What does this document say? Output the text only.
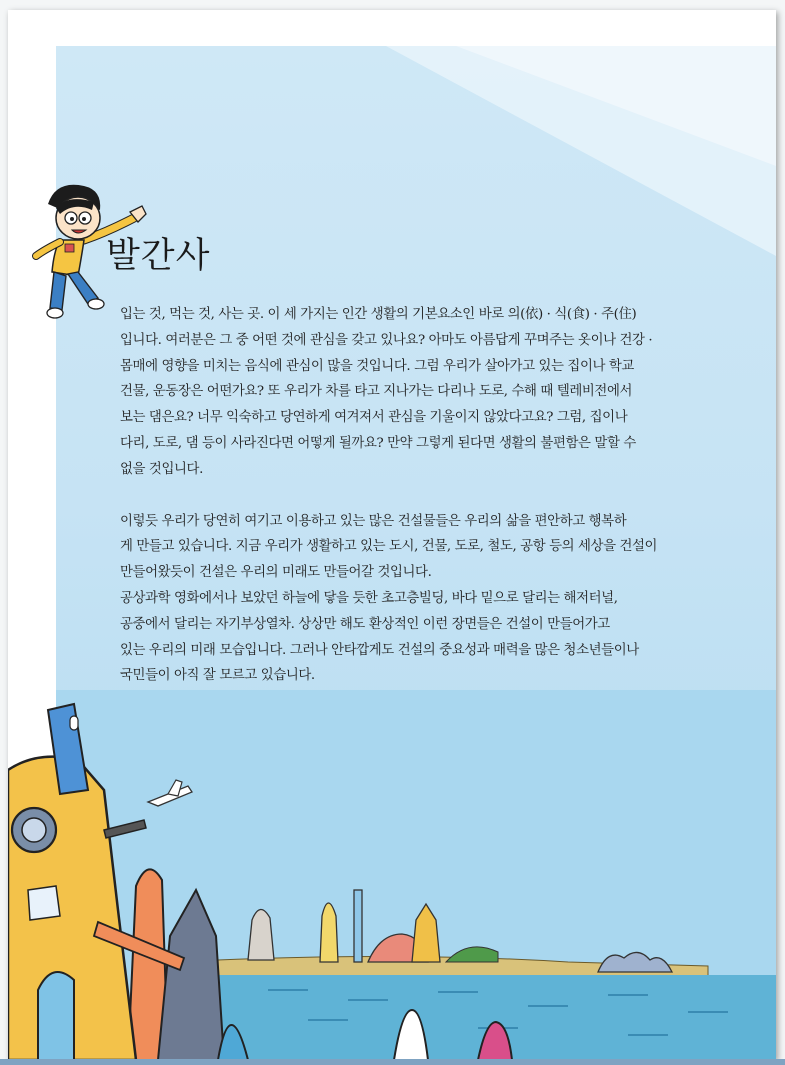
발간사

입는 것, 먹는 것, 사는 곳. 이 세 가지는 인간 생활의 기본요소인 바로 의(依) · 식(食) · 주(住)

입니다. 여러분은 그 중 어떤 것에 관심을 갖고 있나요? 아마도 아름답게 꾸며주는 옷이나 건강 ·

몸매에 영향을 미치는 음식에 관심이 많을 것입니다. 그럼 우리가 살아가고 있는 집이나 학교

건물, 운동장은 어떤가요? 또 우리가 차를 타고 지나가는 다리나 도로, 수해 때 텔레비전에서

보는 댐은요? 너무 익숙하고 당연하게 여겨져서 관심을 기울이지 않았다고요? 그럼, 집이나

다리, 도로, 댐 등이 사라진다면 어떻게 될까요? 만약 그렇게 된다면 생활의 불편함은 말할 수

없을 것입니다.

이렇듯 우리가 당연히 여기고 이용하고 있는 많은 건설물들은 우리의 삶을 편안하고 행복하

게 만들고 있습니다. 지금 우리가 생활하고 있는 도시, 건물, 도로, 철도, 공항 등의 세상을 건설이

만들어왔듯이 건설은 우리의 미래도 만들어갈 것입니다.

공상과학 영화에서나 보았던 하늘에 닿을 듯한 초고층빌딩, 바다 밑으로 달리는 해저터널,

공중에서 달리는 자기부상열차. 상상만 해도 환상적인 이런 장면들은 건설이 만들어가고

있는 우리의 미래 모습입니다. 그러나 안타깝게도 건설의 중요성과 매력을 많은 청소년들이나

국민들이 아직 잘 모르고 있습니다.
